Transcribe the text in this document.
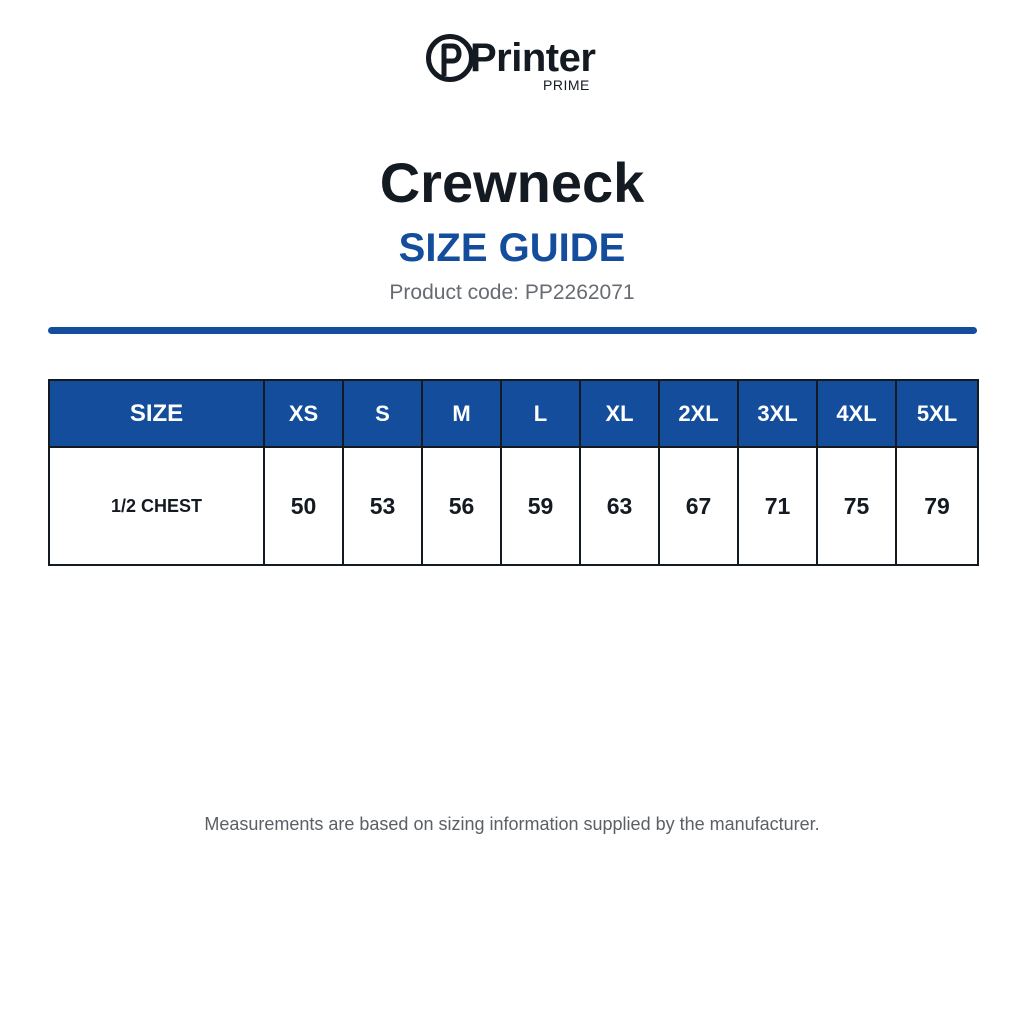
Printer
PRIME
Crewneck
SIZE GUIDE
Product code: PP2262071
SIZE	XS	S	M	L	XL	2XL	3XL	4XL	5XL
1/2 CHEST	50	53	56	59	63	67	71	75	79
Measurements are based on sizing information supplied by the manufacturer.
